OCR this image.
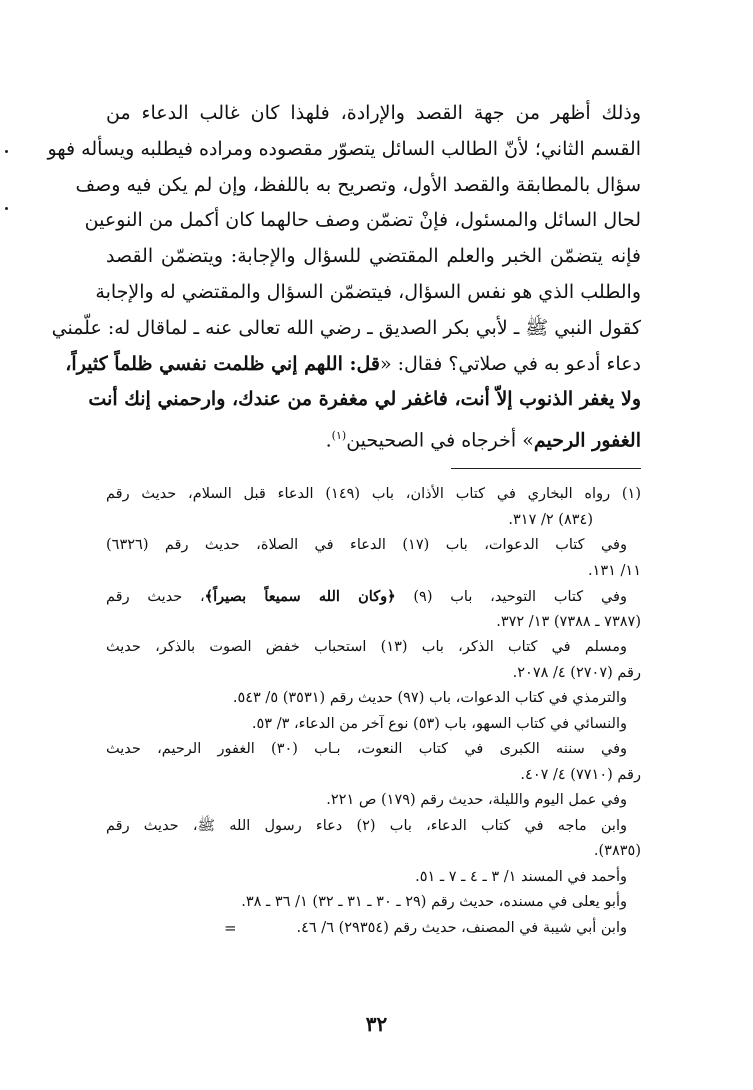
وذلك أظهر من جهة القصد والإرادة، فلهذا كان غالب الدعاء من
القسم الثاني؛ لأنّ الطالب السائل يتصوّر مقصوده ومراده فيطلبه ويسأله فهو
سؤال بالمطابقة والقصد الأول، وتصريح به باللفظ، وإن لم يكن فيه وصف
لحال السائل والمسئول، فإنْ تضمّن وصف حالهما كان أكمل من النوعين
فإنه يتضمّن الخبر والعلم المقتضي للسؤال والإجابة: ويتضمّن القصد
والطلب الذي هو نفس السؤال، فيتضمّن السؤال والمقتضي له والإجابة
كقول النبي ﷺ ـ لأبي بكر الصديق ـ رضي الله تعالى عنه ـ لماقال له: علّمني
دعاء أدعو به في صلاتي؟ فقال: «قل: اللهم إني ظلمت نفسي ظلماً كثيراً،
ولا يغفر الذنوب إلاّ أنت، فاغفر لي مغفرة من عندك، وارحمني إنك أنت
الغفور الرحيم» أخرجاه في الصحيحين$^{(١)}$.
(١) رواه البخاري في كتاب الأذان، باب (١٤٩) الدعاء قبل السلام، حديث رقم
(٨٣٤) ٢/ ٣١٧.
وفي كتاب الدعوات، باب (١٧) الدعاء في الصلاة، حديث رقم (٦٣٢٦)
١١/ ١٣١.
وفي كتاب التوحيد، باب (٩) ﴿وكان الله سميعاً بصيراً﴾، حديث رقم
(٧٣٨٧ ـ ٧٣٨٨) ١٣/ ٣٧٢.
ومسلم في كتاب الذكر، باب (١٣) استحباب خفض الصوت بالذكر، حديث
رقم (٢٧٠٧) ٤/ ٢٠٧٨.
والترمذي في كتاب الدعوات، باب (٩٧) حديث رقم (٣٥٣١) ٥/ ٥٤٣.
والنسائي في كتاب السهو، باب (٥٣) نوع آخر من الدعاء، ٣/ ٥٣.
وفي سننه الكبرى في كتاب النعوت، بـاب (٣٠) الغفور الرحيم، حديث
رقم (٧٧١٠) ٤/ ٤٠٧.
وفي عمل اليوم والليلة، حديث رقم (١٧٩) ص ٢٢١.
وابن ماجه في كتاب الدعاء، باب (٢) دعاء رسول الله ﷺ، حديث رقم
(٣٨٣٥).
وأحمد في المسند ١/ ٣ ـ ٤ ـ ٧ ـ ٥١.
وأبو يعلى في مسنده، حديث رقم (٢٩ ـ ٣٠ ـ ٣١ ـ ٣٢) ١/ ٣٦ ـ ٣٨.
وابن أبي شيبة في المصنف، حديث رقم (٢٩٣٥٤) ٦/ ٤٦.
=
٣٢
